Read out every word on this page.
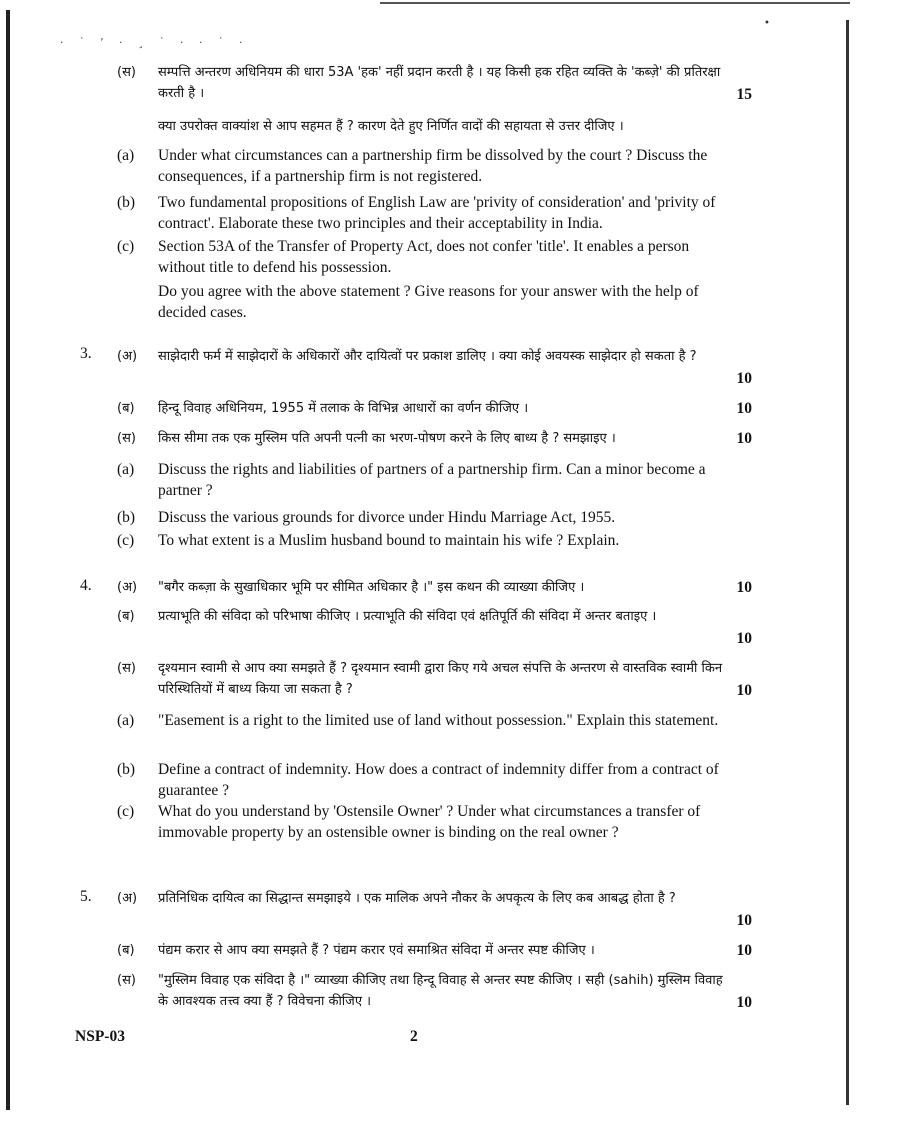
· ˙ ’ · ¸ ˙ · · ˙ ·
•
(स) सम्पत्ति अन्तरण अधिनियम की धारा 53A 'हक' नहीं प्रदान करती है । यह किसी हक रहित व्यक्ति के 'कब्ज़े' की प्रतिरक्षा करती है ।	15
क्या उपरोक्त वाक्यांश से आप सहमत हैं ? कारण देते हुए निर्णित वादों की सहायता से उत्तर दीजिए ।
(a) Under what circumstances can a partnership firm be dissolved by the court ? Discuss the consequences, if a partnership firm is not registered.
(b) Two fundamental propositions of English Law are 'privity of consideration' and 'privity of contract'. Elaborate these two principles and their acceptability in India.
(c) Section 53A of the Transfer of Property Act, does not confer 'title'. It enables a person without title to defend his possession.
Do you agree with the above statement ? Give reasons for your answer with the help of decided cases.
3. (अ) साझेदारी फर्म में साझेदारों के अधिकारों और दायित्वों पर प्रकाश डालिए । क्या कोई अवयस्क साझेदार हो सकता है ?
10
(ब) हिन्दू विवाह अधिनियम, 1955 में तलाक के विभिन्न आधारों का वर्णन कीजिए ।	10
(स) किस सीमा तक एक मुस्लिम पति अपनी पत्नी का भरण-पोषण करने के लिए बाध्य है ? समझाइए ।	10
(a) Discuss the rights and liabilities of partners of a partnership firm. Can a minor become a partner ?
(b) Discuss the various grounds for divorce under Hindu Marriage Act, 1955.
(c) To what extent is a Muslim husband bound to maintain his wife ? Explain.
4. (अ) "बगैर कब्ज़ा के सुखाधिकार भूमि पर सीमित अधिकार है ।" इस कथन की व्याख्या कीजिए ।	10
(ब) प्रत्याभूति की संविदा को परिभाषा कीजिए । प्रत्याभूति की संविदा एवं क्षतिपूर्ति की संविदा में अन्तर बताइए ।
10
(स) दृश्यमान स्वामी से आप क्या समझते हैं ? दृश्यमान स्वामी द्वारा किए गये अचल संपत्ति के अन्तरण से वास्तविक स्वामी किन परिस्थितियों में बाध्य किया जा सकता है ?	10
(a) "Easement is a right to the limited use of land without possession." Explain this statement.
(b) Define a contract of indemnity. How does a contract of indemnity differ from a contract of guarantee ?
(c) What do you understand by 'Ostensile Owner' ? Under what circumstances a transfer of immovable property by an ostensible owner is binding on the real owner ?
5. (अ) प्रतिनिधिक दायित्व का सिद्धान्त समझाइये । एक मालिक अपने नौकर के अपकृत्य के लिए कब आबद्ध होता है ?
10
(ब) पंद्यम करार से आप क्या समझते हैं ? पंद्यम करार एवं समाश्रित संविदा में अन्तर स्पष्ट कीजिए ।	10
(स) "मुस्लिम विवाह एक संविदा है ।" व्याख्या कीजिए तथा हिन्दू विवाह से अन्तर स्पष्ट कीजिए । सही (sahih) मुस्लिम विवाह के आवश्यक तत्त्व क्या हैं ? विवेचना कीजिए ।	10
NSP-03	2
